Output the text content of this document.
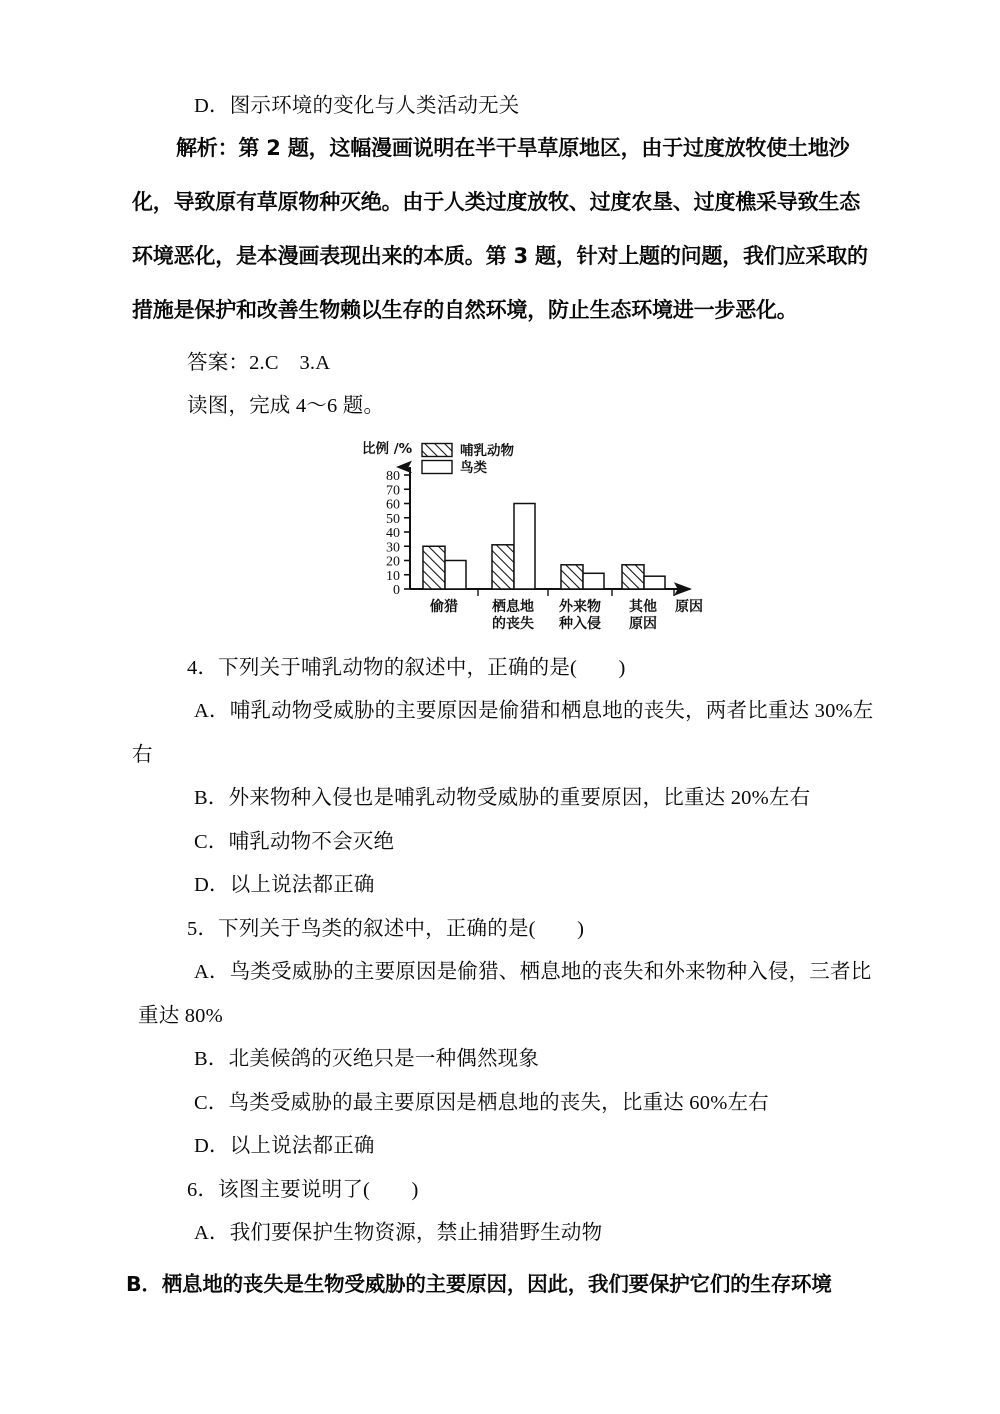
D．图示环境的变化与人类活动无关
解析：第 2 题，这幅漫画说明在半干旱草原地区，由于过度放牧使土地沙
化，导致原有草原物种灭绝。由于人类过度放牧、过度农垦、过度樵采导致生态
环境恶化，是本漫画表现出来的本质。第 3 题，针对上题的问题，我们应采取的
措施是保护和改善生物赖以生存的自然环境，防止生态环境进一步恶化。
答案：2.C　3.A
读图，完成 4～6 题。
比例 /%	哺乳动物
鸟类
0
10
20
30
40
50
60
70
80
偷猎 栖息地
的丧失
外来物
种入侵
其他
原因
原因
4．下列关于哺乳动物的叙述中，正确的是(　　)
A．哺乳动物受威胁的主要原因是偷猎和栖息地的丧失，两者比重达 30%左
右
B．外来物种入侵也是哺乳动物受威胁的重要原因，比重达 20%左右
C．哺乳动物不会灭绝
D．以上说法都正确
5．下列关于鸟类的叙述中，正确的是(　　)
A．鸟类受威胁的主要原因是偷猎、栖息地的丧失和外来物种入侵，三者比
重达 80%
B．北美候鸽的灭绝只是一种偶然现象
C．鸟类受威胁的最主要原因是栖息地的丧失，比重达 60%左右
D．以上说法都正确
6．该图主要说明了(　　)
A．我们要保护生物资源，禁止捕猎野生动物
B．栖息地的丧失是生物受威胁的主要原因，因此，我们要保护它们的生存环境
